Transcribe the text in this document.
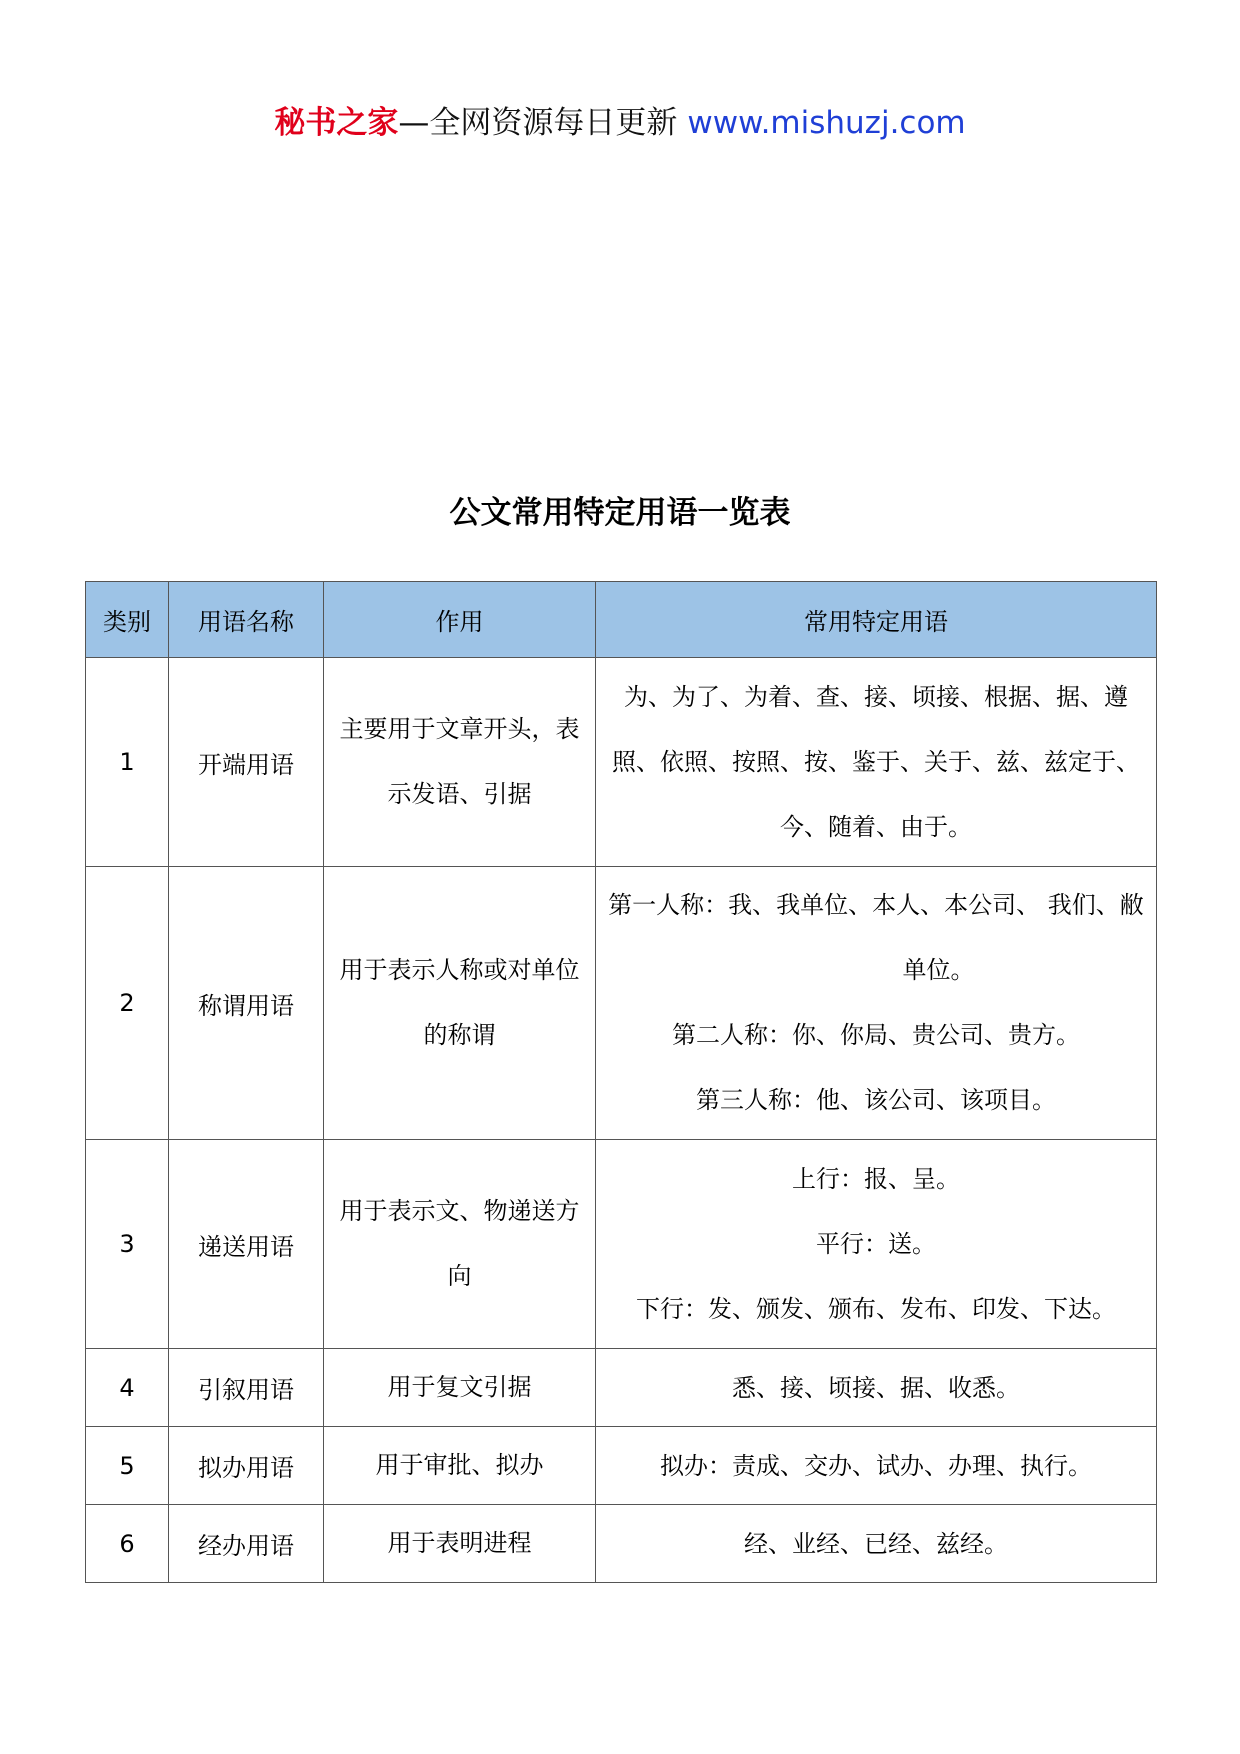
秘书之家—全网资源每日更新 www.mishuzj.com
公文常用特定用语一览表
类别	用语名称	作用	常用特定用语
1	开端用语	主要用于文章开头，表示发语、引据	为、为了、为着、查、接、顷接、根据、据、遵照、依照、按照、按、鉴于、关于、兹、兹定于、今、随着、由于。
2	称谓用语	用于表示人称或对单位的称谓	第一人称：我、我单位、本人、本公司、 我们、敝
单位。
第二人称：你、你局、贵公司、贵方。
第三人称：他、该公司、该项目。

3	递送用语	用于表示文、物递送方向	上行：报、呈。
平行：送。
下行：发、颁发、颁布、发布、印发、下达。

4	引叙用语	用于复文引据	悉、接、顷接、据、收悉。
5	拟办用语	用于审批、拟办	拟办：责成、交办、试办、办理、执行。
6	经办用语	用于表明进程	经、业经、已经、兹经。
